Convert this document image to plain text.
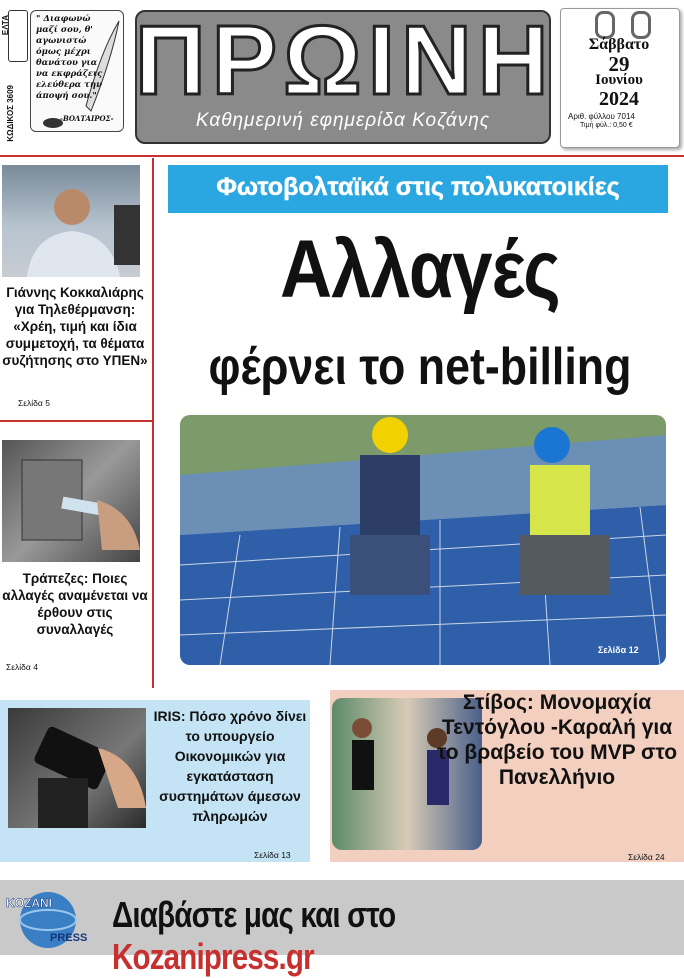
ΕΛΤΑ
ΚΩΔΙΚΟΣ 3609
" Διαφωνώ μαζί σου, θ' αγωνιστώ όμως μέχρι θανάτου για να εκφράζεις ελεύθερα την άποψή σου."
-ΒΟΛΤΑΙΡΟΣ-
ΠΡΩΙΝΗ
Καθημερινή εφημερίδα Κοζάνης
Σάββατο
29
Ιουνίου
2024
Αριθ. φύλλου 7014
Τιμή φύλ.: 0,50 €
Γιάννης Κοκκαλιάρης για Τηλεθέρμανση: «Χρέη, τιμή και ίδια συμμετοχή, τα θέματα συζήτησης στο ΥΠΕΝ»
Σελίδα 5
Τράπεζες: Ποιες αλλαγές αναμένεται να έρθουν στις συναλλαγές
Σελίδα 4
Φωτοβολταϊκά στις πολυκατοικίες
Αλλαγές
φέρνει το net-billing
Σελίδα 12
IRIS: Πόσο χρόνο δίνει το υπουργείο Οικονομικών για εγκατάσταση συστημάτων άμεσων πληρωμών
Σελίδα 13
Στίβος: Μονομαχία Τεντόγλου -Καραλή για το βραβείο του MVP στο Πανελλήνιο
Σελίδα 24
KOZANI
PRESS
Διαβάστε μας και στο Kozanipress.gr
